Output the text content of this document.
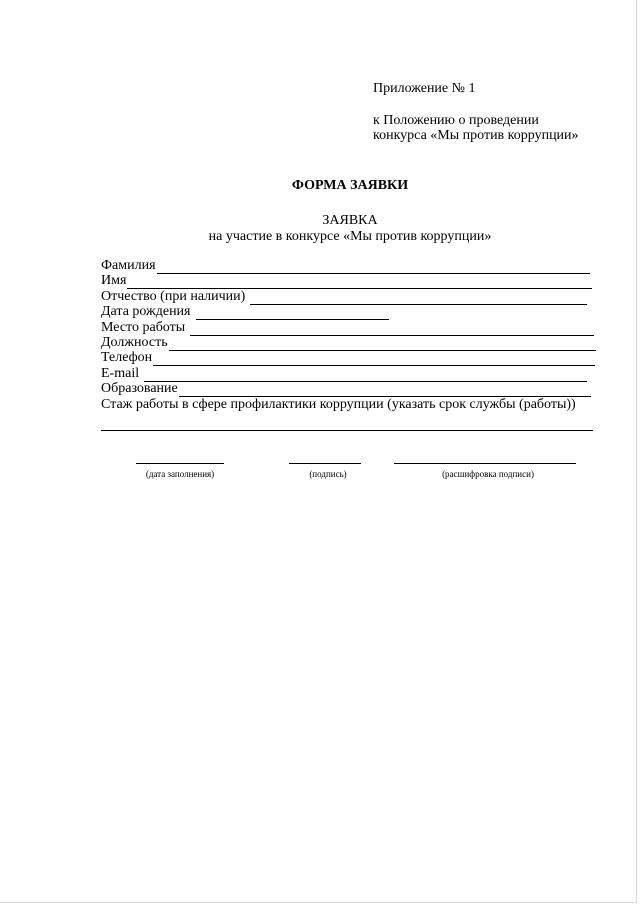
Приложение № 1
к Положению о проведении
конкурса «Мы против коррупции»
ФОРМА ЗАЯВКИ
ЗАЯВКА
на участие в конкурсе «Мы против коррупции»
Фамилия
Имя
Отчество (при наличии)
Дата рождения
Место работы
Должность
Телефон
E-mail
Образование
Стаж работы в сфере профилактики коррупции (указать срок службы (работы))
(дата заполнения)	(подпись)	(расшифровка подписи)
